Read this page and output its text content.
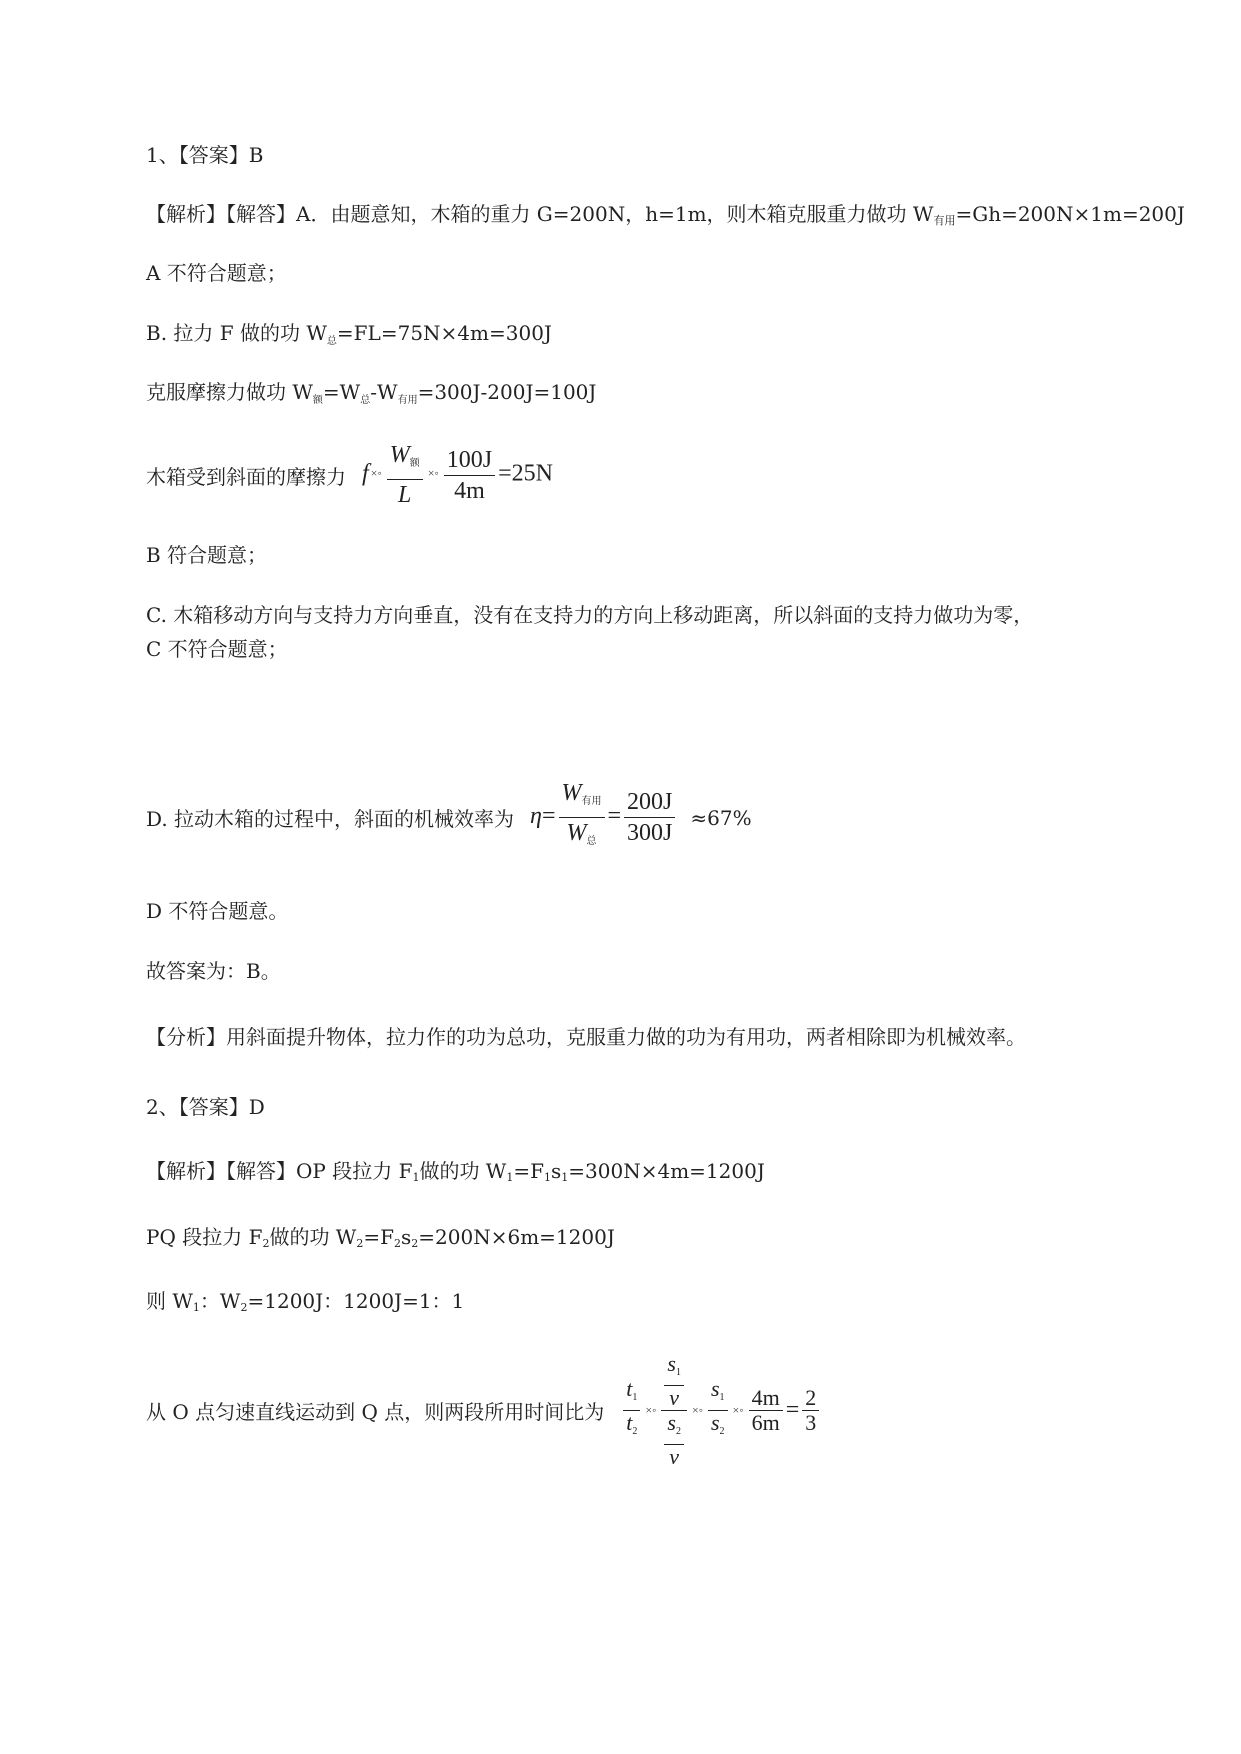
1、【答案】B
【解析】【解答】A．由题意知，木箱的重力 G=200N，h=1m，则木箱克服重力做功 $W_{有用}=Gh=200N\times 1m=200J$
A 不符合题意；
B. 拉力 F 做的功 $W_总=FL=75N\times 4m=300J$
克服摩擦力做功 $W_额=W_总-W_{有用}=300J-200J=100J$
木箱受到斜面的摩擦力 f ×◦ $\frac{\text{W额}}{L}$ ×◦ $\frac{100J}{4m} =25N$
B 符合题意；
C. 木箱移动方向与支持力方向垂直，没有在支持力的方向上移动距离，所以斜面的支持力做功为零，
C 不符合题意；
D. 拉动木箱的过程中，斜面的机械效率为 $\eta= \frac{\text{W有用}}{\text{W总}} = \frac{200J}{300J} \approx 67\%$
D 不符合题意。
故答案为：B。
【分析】用斜面提升物体，拉力作的功为总功，克服重力做的功为有用功，两者相除即为机械效率。
2、【答案】D
【解析】【解答】OP 段拉力 $F_1$做的功 $W_1=F_1s_1=300N\times 4m=1200J$
PQ 段拉力 $F_2$做的功 $W_2=F_2s_2=200N\times 6m=1200J$
则 $W_1$：$W_2=1200J$：1200J=1：1
从 O 点匀速直线运动到 Q 点，则两段所用时间比为 $\frac{t1}{t2}$ ×◦ $\frac{\frac{s1}{v}}{\frac{s2}{v}}$ ×◦ $\frac{s1}{s2}$ ×◦ $\frac{4m}{6m} = \frac{2}{3}$
